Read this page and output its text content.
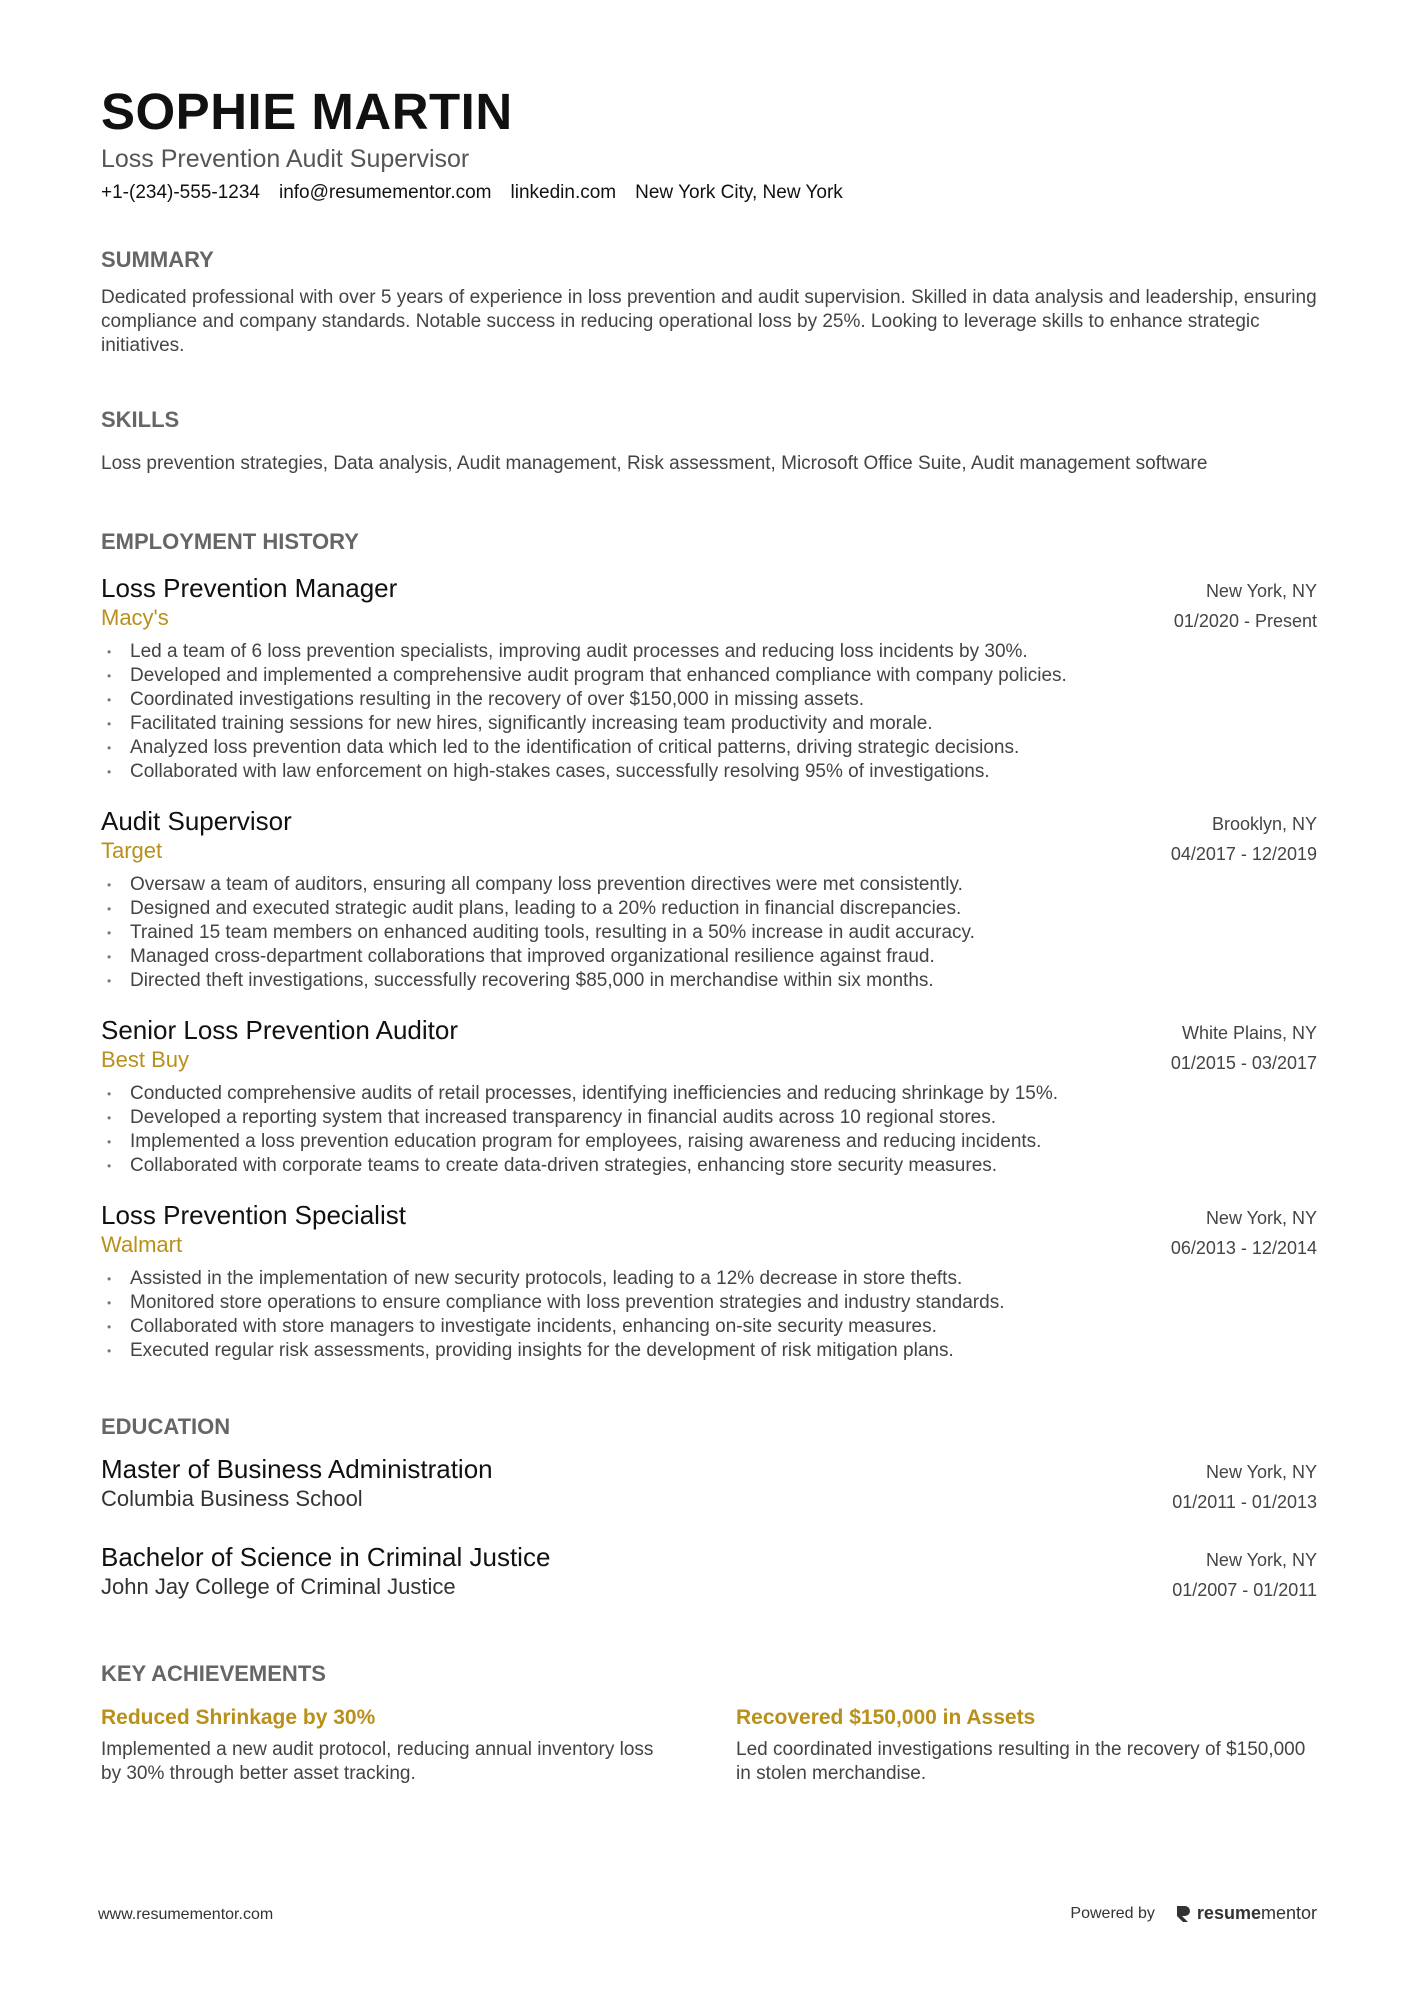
SOPHIE MARTIN
Loss Prevention Audit Supervisor
+1-(234)-555-1234 info@resumementor.com linkedin.com New York City, New York
SUMMARY
Dedicated professional with over 5 years of experience in loss prevention and audit supervision. Skilled in data analysis and leadership, ensuring compliance and company standards. Notable success in reducing operational loss by 25%. Looking to leverage skills to enhance strategic initiatives.
SKILLS
Loss prevention strategies, Data analysis, Audit management, Risk assessment, Microsoft Office Suite, Audit management software
EMPLOYMENT HISTORY
Loss Prevention Manager
Macy's
New York, NY
01/2020 - Present
• Led a team of 6 loss prevention specialists, improving audit processes and reducing loss incidents by 30%.
• Developed and implemented a comprehensive audit program that enhanced compliance with company policies.
• Coordinated investigations resulting in the recovery of over $150,000 in missing assets.
• Facilitated training sessions for new hires, significantly increasing team productivity and morale.
• Analyzed loss prevention data which led to the identification of critical patterns, driving strategic decisions.
• Collaborated with law enforcement on high-stakes cases, successfully resolving 95% of investigations.
Audit Supervisor
Target
Brooklyn, NY
04/2017 - 12/2019
• Oversaw a team of auditors, ensuring all company loss prevention directives were met consistently.
• Designed and executed strategic audit plans, leading to a 20% reduction in financial discrepancies.
• Trained 15 team members on enhanced auditing tools, resulting in a 50% increase in audit accuracy.
• Managed cross-department collaborations that improved organizational resilience against fraud.
• Directed theft investigations, successfully recovering $85,000 in merchandise within six months.
Senior Loss Prevention Auditor
Best Buy
White Plains, NY
01/2015 - 03/2017
• Conducted comprehensive audits of retail processes, identifying inefficiencies and reducing shrinkage by 15%.
• Developed a reporting system that increased transparency in financial audits across 10 regional stores.
• Implemented a loss prevention education program for employees, raising awareness and reducing incidents.
• Collaborated with corporate teams to create data-driven strategies, enhancing store security measures.
Loss Prevention Specialist
Walmart
New York, NY
06/2013 - 12/2014
• Assisted in the implementation of new security protocols, leading to a 12% decrease in store thefts.
• Monitored store operations to ensure compliance with loss prevention strategies and industry standards.
• Collaborated with store managers to investigate incidents, enhancing on-site security measures.
• Executed regular risk assessments, providing insights for the development of risk mitigation plans.
EDUCATION
Master of Business Administration
Columbia Business School
New York, NY
01/2011 - 01/2013
Bachelor of Science in Criminal Justice
John Jay College of Criminal Justice
New York, NY
01/2007 - 01/2011
KEY ACHIEVEMENTS
Reduced Shrinkage by 30%
Implemented a new audit protocol, reducing annual inventory loss by 30% through better asset tracking.
Recovered $150,000 in Assets
Led coordinated investigations resulting in the recovery of $150,000 in stolen merchandise.
www.resumementor.com	Powered by resumementor
